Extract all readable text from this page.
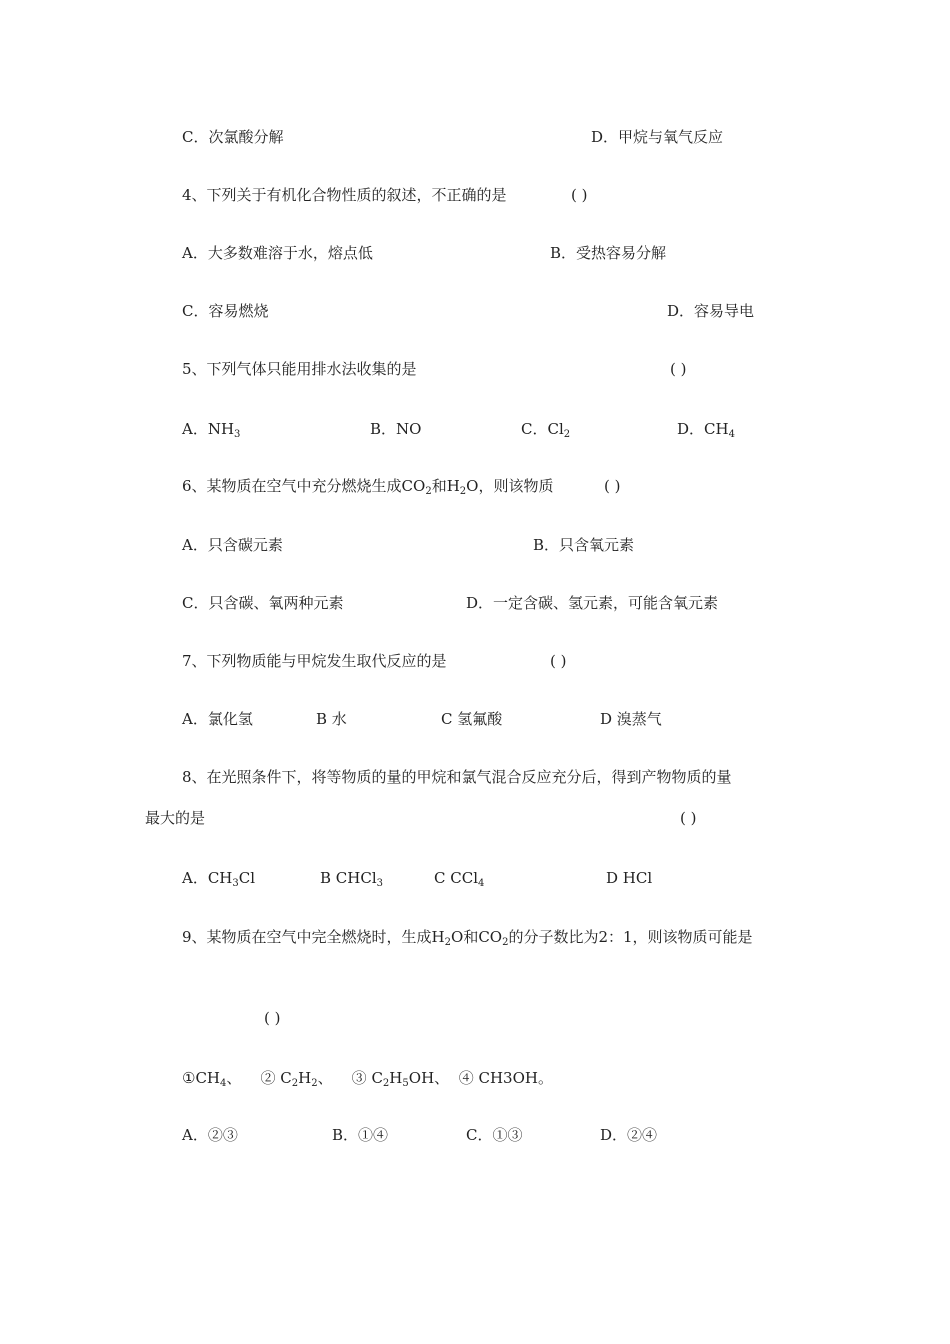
C．次氯酸分解	D．甲烷与氧气反应
4、下列关于有机化合物性质的叙述，不正确的是	( )
A．大多数难溶于水，熔点低	B．受热容易分解
C．容易燃烧	D．容易导电
5、下列气体只能用排水法收集的是	( )
A．$NH_3$	B．NO	C．$Cl_2$	D．$CH_4$
6、某物质在空气中充分燃烧生成$CO_2$和$H_2O$，则该物质	( )
A．只含碳元素	B．只含氧元素
C．只含碳、氧两种元素	D．一定含碳、氢元素，可能含氧元素
7、下列物质能与甲烷发生取代反应的是	( )
A．氯化氢	B 水	C 氢氟酸	D 溴蒸气
8、在光照条件下，将等物质的量的甲烷和氯气混合反应充分后，得到产物物质的量
最大的是	( )
A．$CH_3Cl$	B CHCl$_3$	C CCl$_4$	D HCl
9、某物质在空气中完全燃烧时，生成$H_2O$和$CO_2$的分子数比为2：1，则该物质可能是
( )
$①CH_4$、 ② $C_2H_2$、 ③ $C_2H_5OH$、 ④ CH3OH。
A．②③	B．①④	C．①③	D．②④
